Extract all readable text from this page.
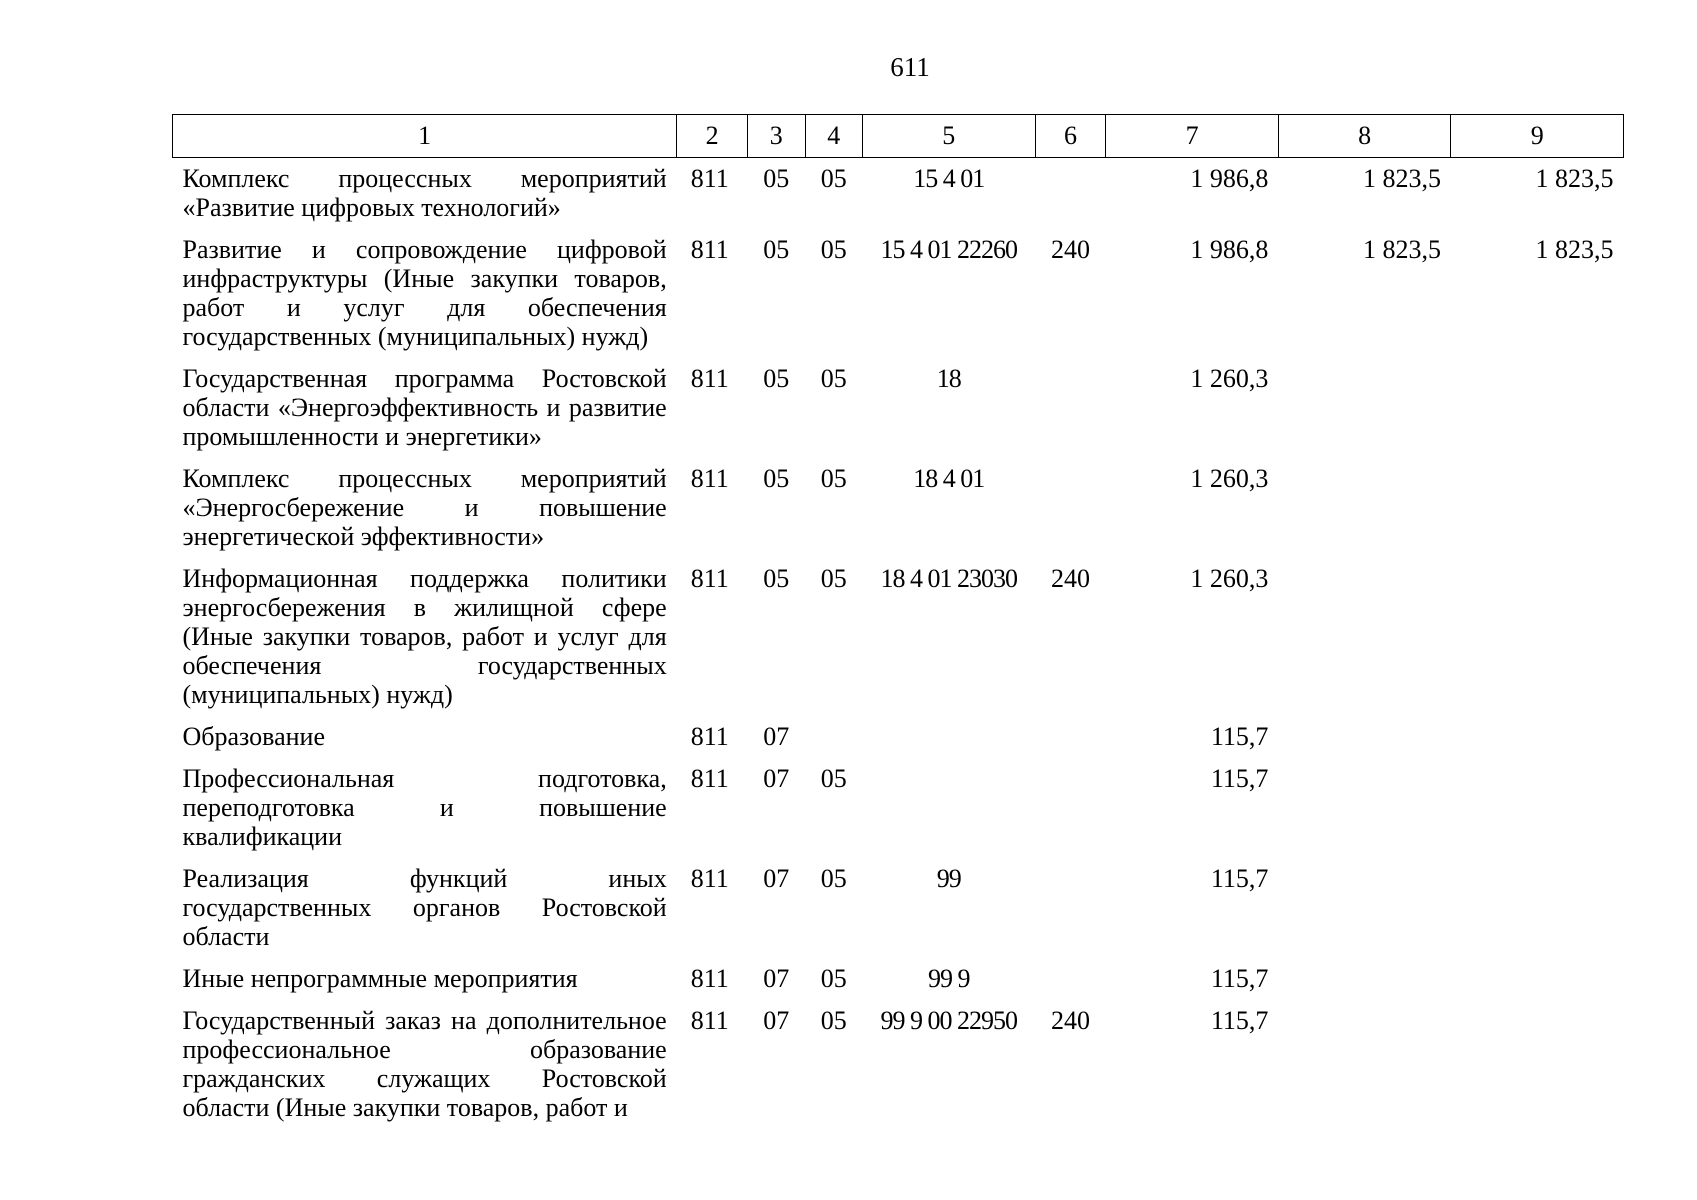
611
1	2	3	4	5	6	7	8	9
Комплекс процессных мероприятий «Развитие цифровых технологий»	811	05	05	15 4 01		1 986,8	1 823,5	1 823,5
Развитие и сопровождение цифровой инфраструктуры (Иные закупки товаров, работ и услуг для обеспечения государственных (муниципальных) нужд)	811	05	05	15 4 01 22260	240	1 986,8	1 823,5	1 823,5
Государственная программа Ростовской области «Энергоэффективность и развитие промышленности и энергетики»	811	05	05	18		1 260,3		
Комплекс процессных мероприятий «Энергосбережение и повышение энергетической эффективности»	811	05	05	18 4 01		1 260,3		
Информационная поддержка политики энергосбережения в жилищной сфере (Иные закупки товаров, работ и услуг для обеспечения государственных (муниципальных) нужд)	811	05	05	18 4 01 23030	240	1 260,3		
Образование	811	07				115,7		
Профессиональная подготовка, переподготовка и повышение квалификации	811	07	05			115,7		
Реализация функций иных государственных органов Ростовской области	811	07	05	99		115,7		
Иные непрограммные мероприятия	811	07	05	99 9		115,7		
Государственный заказ на дополнительное профессиональное образование гражданских служащих Ростовской области (Иные закупки товаров, работ и	811	07	05	99 9 00 22950	240	115,7		
